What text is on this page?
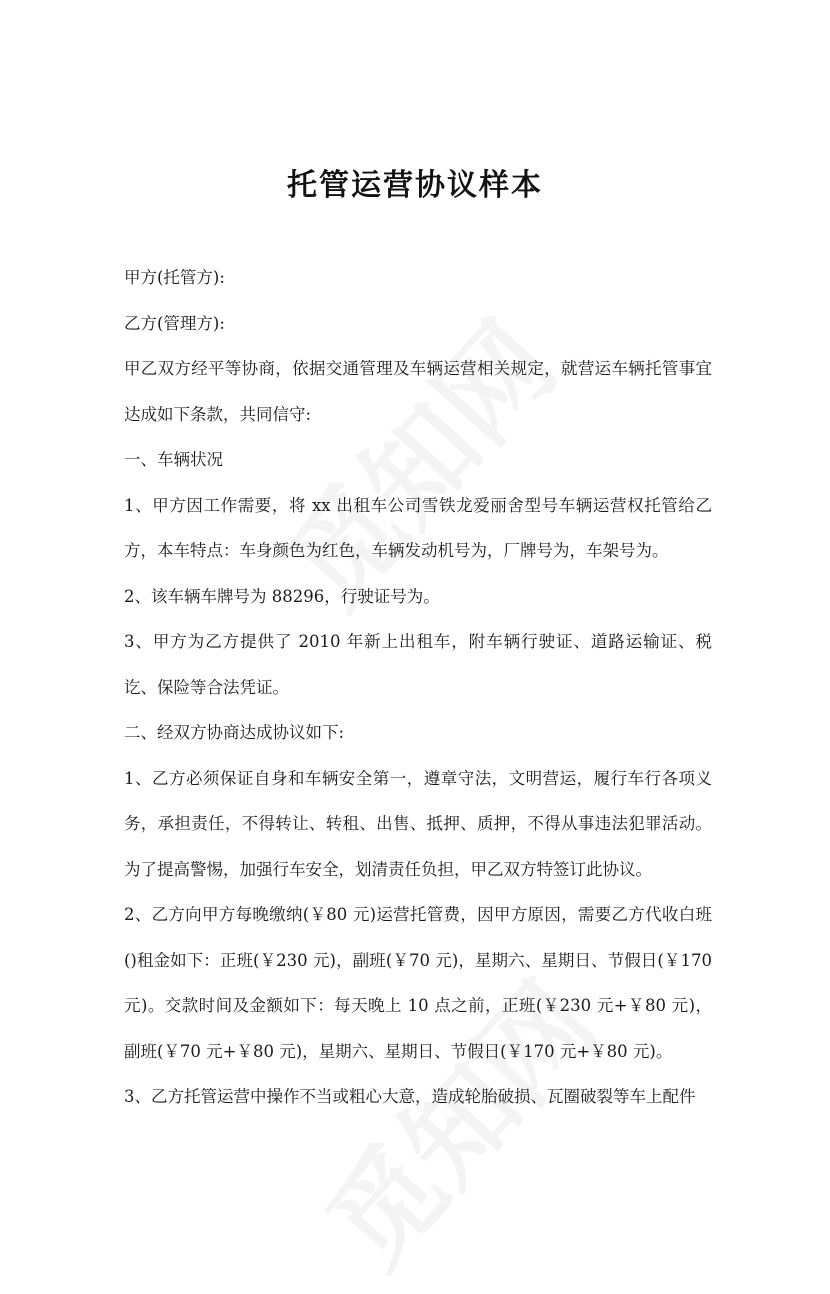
托管运营协议样本

甲方(托管方):

乙方(管理方):

甲乙双方经平等协商，依据交通管理及车辆运营相关规定，就营运车辆托管事宜达成如下条款，共同信守:

一、车辆状况

1、甲方因工作需要，将 xx 出租车公司雪铁龙爱丽舍型号车辆运营权托管给乙方，本车特点：车身颜色为红色，车辆发动机号为，厂牌号为，车架号为。

2、该车辆车牌号为 88296，行驶证号为。

3、甲方为乙方提供了 2010 年新上出租车，附车辆行驶证、道路运输证、税讫、保险等合法凭证。

二、经双方协商达成协议如下:

1、乙方必须保证自身和车辆安全第一，遵章守法，文明营运，履行车行各项义务，承担责任，不得转让、转租、出售、抵押、质押，不得从事违法犯罪活动。为了提高警惕，加强行车安全，划清责任负担，甲乙双方特签订此协议。

2、乙方向甲方每晚缴纳(￥80 元)运营托管费，因甲方原因，需要乙方代收白班()租金如下：正班(￥230 元)，副班(￥70 元)，星期六、星期日、节假日(￥170 元)。交款时间及金额如下：每天晚上 10 点之前，正班(￥230 元+￥80 元)，副班(￥70 元+￥80 元)，星期六、星期日、节假日(￥170 元+￥80 元)。

3、乙方托管运营中操作不当或粗心大意，造成轮胎破损、瓦圈破裂等车上配件
